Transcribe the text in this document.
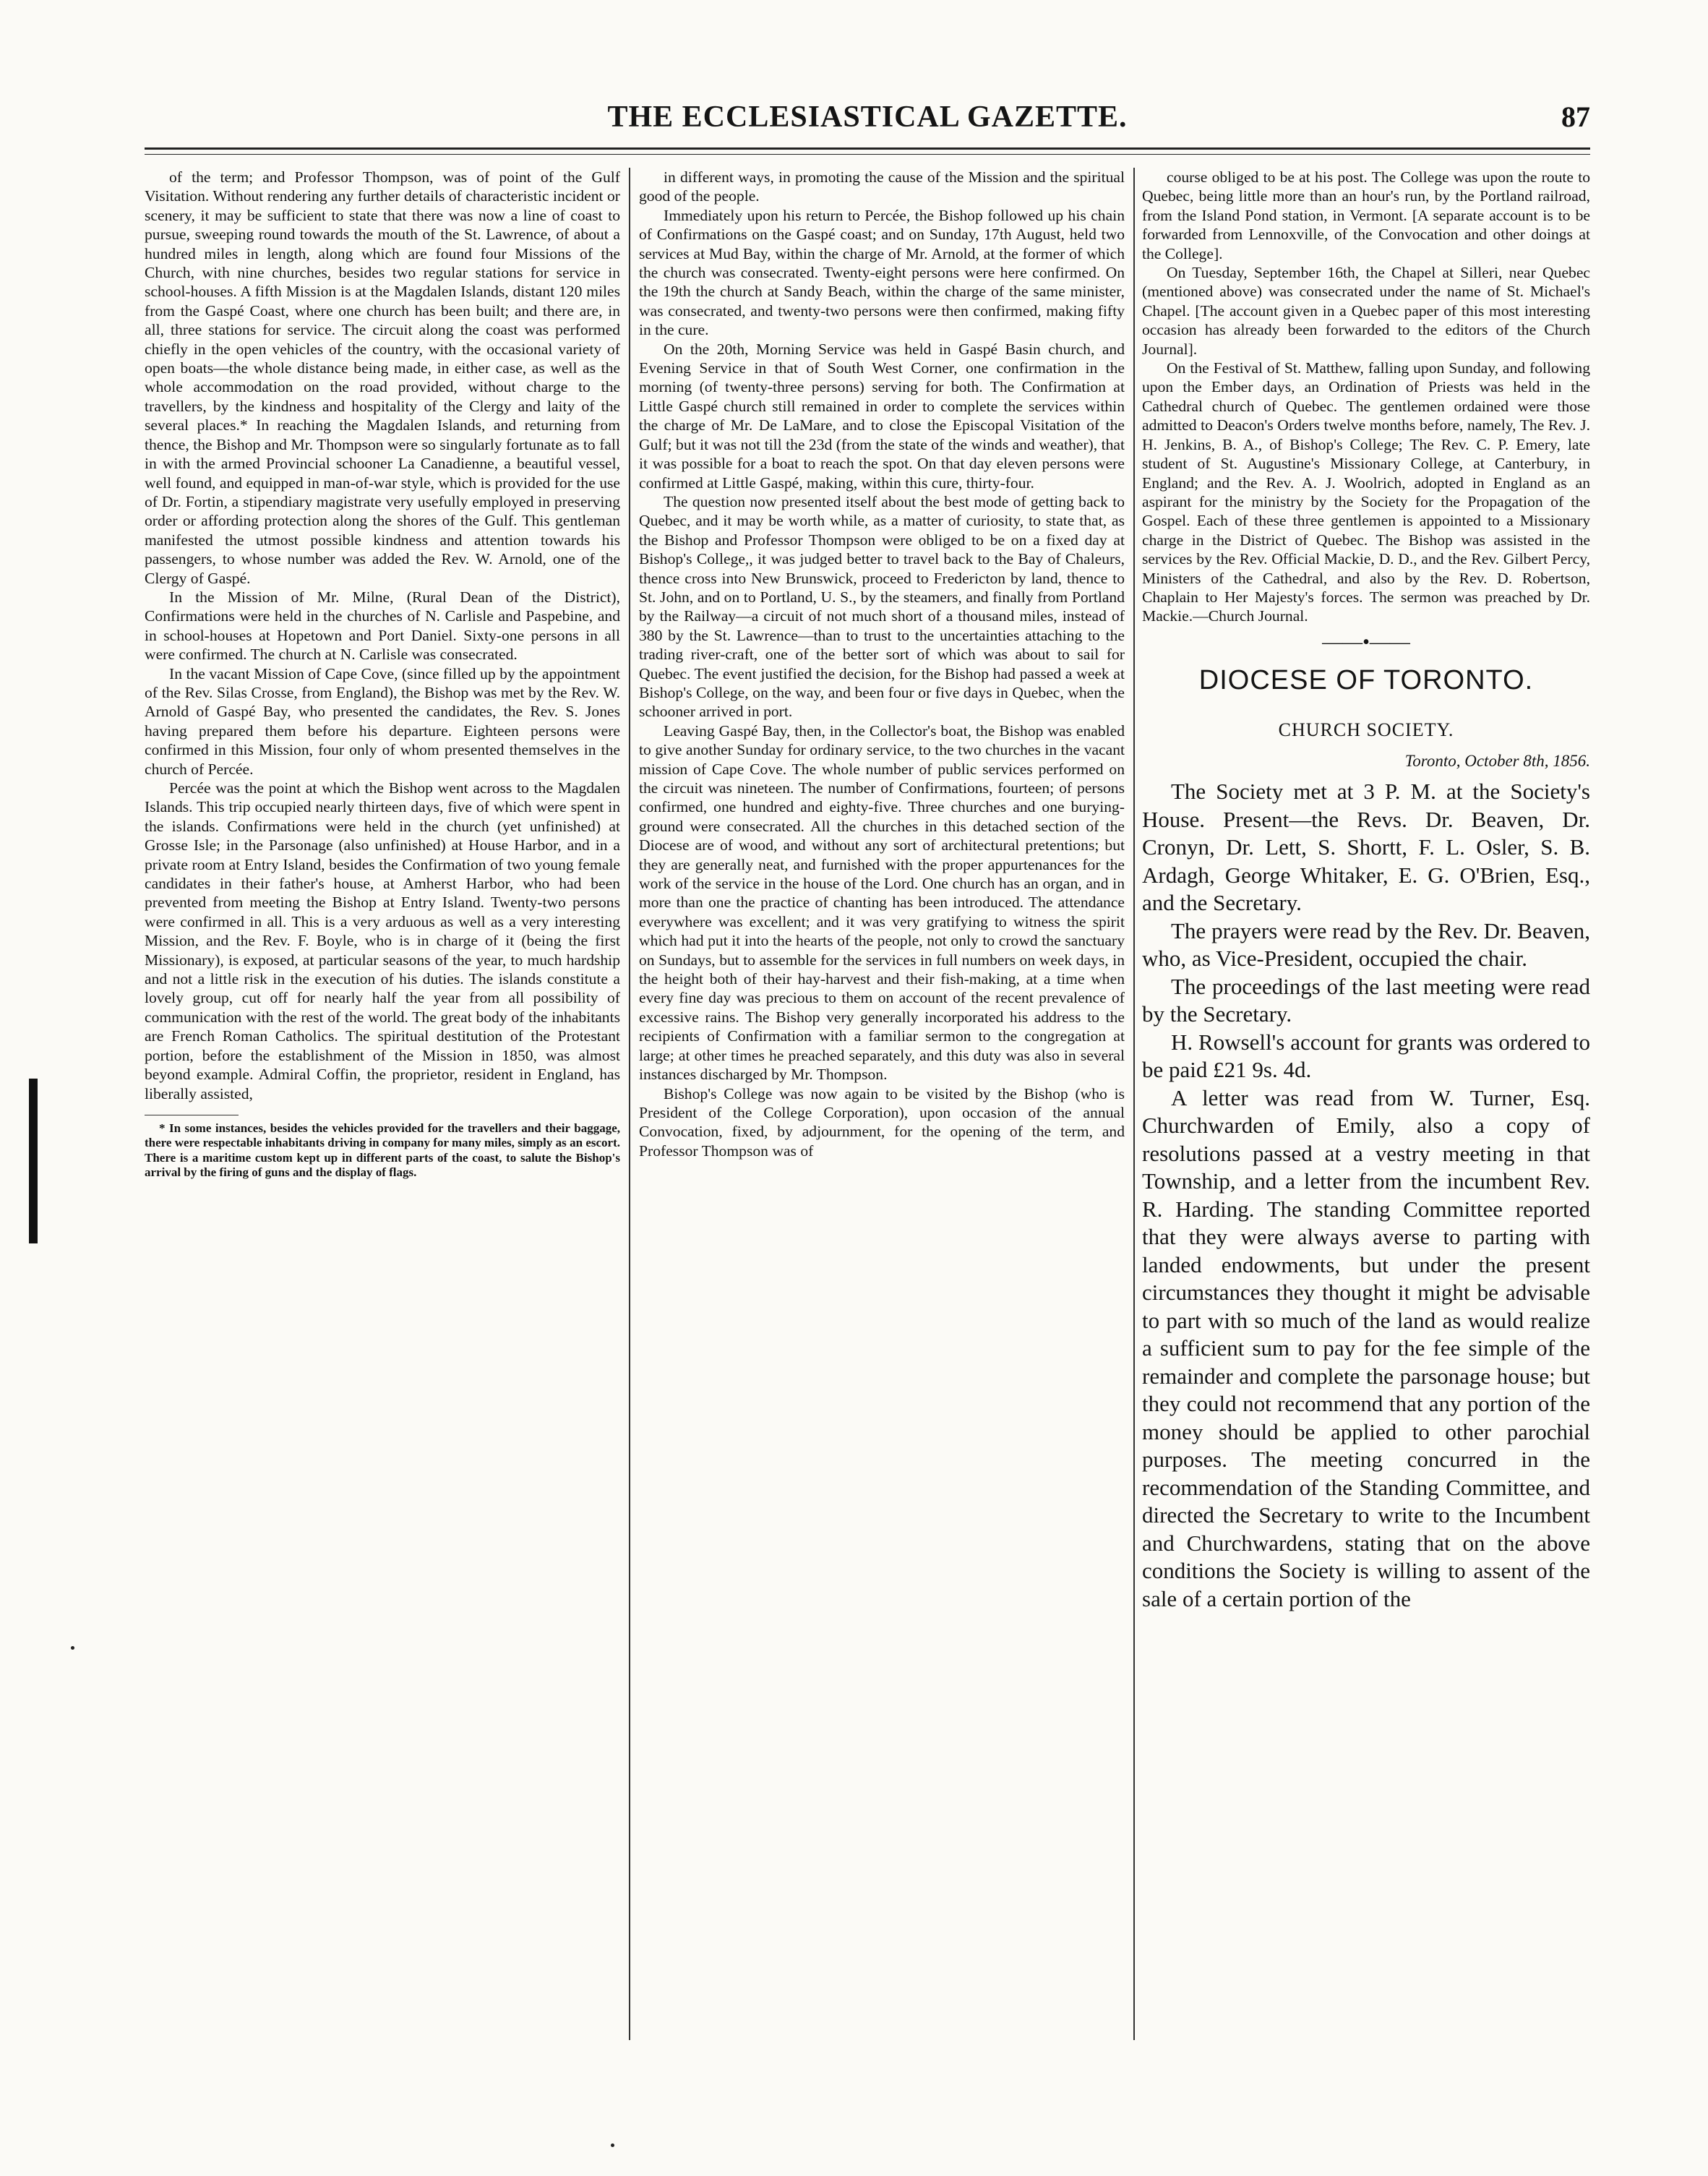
THE ECCLESIASTICAL GAZETTE.	87

of the term; and Professor Thompson, was of point of the Gulf Visitation. Without rendering any further details of characteristic incident or scenery, it may be sufficient to state that there was now a line of coast to pursue, sweeping round towards the mouth of the St. Lawrence, of about a hundred miles in length, along which are found four Missions of the Church, with nine churches, besides two regular stations for service in school-houses. A fifth Mission is at the Magdalen Islands, distant 120 miles from the Gaspé Coast, where one church has been built; and there are, in all, three stations for service. The circuit along the coast was performed chiefly in the open vehicles of the country, with the occasional variety of open boats—the whole distance being made, in either case, as well as the whole accommodation on the road provided, without charge to the travellers, by the kindness and hospitality of the Clergy and laity of the several places.* In reaching the Magdalen Islands, and returning from thence, the Bishop and Mr. Thompson were so singularly fortunate as to fall in with the armed Provincial schooner La Canadienne, a beautiful vessel, well found, and equipped in man-of-war style, which is provided for the use of Dr. Fortin, a stipendiary magistrate very usefully employed in preserving order or affording protection along the shores of the Gulf. This gentleman manifested the utmost possible kindness and attention towards his passengers, to whose number was added the Rev. W. Arnold, one of the Clergy of Gaspé.

In the Mission of Mr. Milne, (Rural Dean of the District), Confirmations were held in the churches of N. Carlisle and Paspebine, and in school-houses at Hopetown and Port Daniel. Sixty-one persons in all were confirmed. The church at N. Carlisle was consecrated.

In the vacant Mission of Cape Cove, (since filled up by the appointment of the Rev. Silas Crosse, from England), the Bishop was met by the Rev. W. Arnold of Gaspé Bay, who presented the candidates, the Rev. S. Jones having prepared them before his departure. Eighteen persons were confirmed in this Mission, four only of whom presented themselves in the church of Percée.

Percée was the point at which the Bishop went across to the Magdalen Islands. This trip occupied nearly thirteen days, five of which were spent in the islands. Confirmations were held in the church (yet unfinished) at Grosse Isle; in the Parsonage (also unfinished) at House Harbor, and in a private room at Entry Island, besides the Confirmation of two young female candidates in their father's house, at Amherst Harbor, who had been prevented from meeting the Bishop at Entry Island. Twenty-two persons were confirmed in all. This is a very arduous as well as a very interesting Mission, and the Rev. F. Boyle, who is in charge of it (being the first Missionary), is exposed, at particular seasons of the year, to much hardship and not a little risk in the execution of his duties. The islands constitute a lovely group, cut off for nearly half the year from all possibility of communication with the rest of the world. The great body of the inhabitants are French Roman Catholics. The spiritual destitution of the Protestant portion, before the establishment of the Mission in 1850, was almost beyond example. Admiral Coffin, the proprietor, resident in England, has liberally assisted,

* In some instances, besides the vehicles provided for the travellers and their baggage, there were respectable inhabitants driving in company for many miles, simply as an escort. There is a maritime custom kept up in different parts of the coast, to salute the Bishop's arrival by the firing of guns and the display of flags.

in different ways, in promoting the cause of the Mission and the spiritual good of the people.

Immediately upon his return to Percée, the Bishop followed up his chain of Confirmations on the Gaspé coast; and on Sunday, 17th August, held two services at Mud Bay, within the charge of Mr. Arnold, at the former of which the church was consecrated. Twenty-eight persons were here confirmed. On the 19th the church at Sandy Beach, within the charge of the same minister, was consecrated, and twenty-two persons were then confirmed, making fifty in the cure.

On the 20th, Morning Service was held in Gaspé Basin church, and Evening Service in that of South West Corner, one confirmation in the morning (of twenty-three persons) serving for both. The Confirmation at Little Gaspé church still remained in order to complete the services within the charge of Mr. De LaMare, and to close the Episcopal Visitation of the Gulf; but it was not till the 23d (from the state of the winds and weather), that it was possible for a boat to reach the spot. On that day eleven persons were confirmed at Little Gaspé, making, within this cure, thirty-four.

The question now presented itself about the best mode of getting back to Quebec, and it may be worth while, as a matter of curiosity, to state that, as the Bishop and Professor Thompson were obliged to be on a fixed day at Bishop's College,, it was judged better to travel back to the Bay of Chaleurs, thence cross into New Brunswick, proceed to Fredericton by land, thence to St. John, and on to Portland, U. S., by the steamers, and finally from Portland by the Railway—a circuit of not much short of a thousand miles, instead of 380 by the St. Lawrence—than to trust to the uncertainties attaching to the trading river-craft, one of the better sort of which was about to sail for Quebec. The event justified the decision, for the Bishop had passed a week at Bishop's College, on the way, and been four or five days in Quebec, when the schooner arrived in port.

Leaving Gaspé Bay, then, in the Collector's boat, the Bishop was enabled to give another Sunday for ordinary service, to the two churches in the vacant mission of Cape Cove. The whole number of public services performed on the circuit was nineteen. The number of Confirmations, fourteen; of persons confirmed, one hundred and eighty-five. Three churches and one burying-ground were consecrated. All the churches in this detached section of the Diocese are of wood, and without any sort of architectural pretentions; but they are generally neat, and furnished with the proper appurtenances for the work of the service in the house of the Lord. One church has an organ, and in more than one the practice of chanting has been introduced. The attendance everywhere was excellent; and it was very gratifying to witness the spirit which had put it into the hearts of the people, not only to crowd the sanctuary on Sundays, but to assemble for the services in full numbers on week days, in the height both of their hay-harvest and their fish-making, at a time when every fine day was precious to them on account of the recent prevalence of excessive rains. The Bishop very generally incorporated his address to the recipients of Confirmation with a familiar sermon to the congregation at large; at other times he preached separately, and this duty was also in several instances discharged by Mr. Thompson.

Bishop's College was now again to be visited by the Bishop (who is President of the College Corporation), upon occasion of the annual Convocation, fixed, by adjournment, for the opening of the term, and Professor Thompson was of

course obliged to be at his post. The College was upon the route to Quebec, being little more than an hour's run, by the Portland railroad, from the Island Pond station, in Vermont. [A separate account is to be forwarded from Lennoxville, of the Convocation and other doings at the College].

On Tuesday, September 16th, the Chapel at Silleri, near Quebec (mentioned above) was consecrated under the name of St. Michael's Chapel. [The account given in a Quebec paper of this most interesting occasion has already been forwarded to the editors of the Church Journal].

On the Festival of St. Matthew, falling upon Sunday, and following upon the Ember days, an Ordination of Priests was held in the Cathedral church of Quebec. The gentlemen ordained were those admitted to Deacon's Orders twelve months before, namely, The Rev. J. H. Jenkins, B. A., of Bishop's College; The Rev. C. P. Emery, late student of St. Augustine's Missionary College, at Canterbury, in England; and the Rev. A. J. Woolrich, adopted in England as an aspirant for the ministry by the Society for the Propagation of the Gospel. Each of these three gentlemen is appointed to a Missionary charge in the District of Quebec. The Bishop was assisted in the services by the Rev. Official Mackie, D. D., and the Rev. Gilbert Percy, Ministers of the Cathedral, and also by the Rev. D. Robertson, Chaplain to Her Majesty's forces. The sermon was preached by Dr. Mackie.—Church Journal.

——•——

DIOCESE OF TORONTO.

CHURCH SOCIETY.

Toronto, October 8th, 1856.

The Society met at 3 P. M. at the Society's House. Present—the Revs. Dr. Beaven, Dr. Cronyn, Dr. Lett, S. Shortt, F. L. Osler, S. B. Ardagh, George Whitaker, E. G. O'Brien, Esq., and the Secretary.

The prayers were read by the Rev. Dr. Beaven, who, as Vice-President, occupied the chair.

The proceedings of the last meeting were read by the Secretary.

H. Rowsell's account for grants was ordered to be paid £21 9s. 4d.

A letter was read from W. Turner, Esq. Churchwarden of Emily, also a copy of resolutions passed at a vestry meeting in that Township, and a letter from the incumbent Rev. R. Harding. The standing Committee reported that they were always averse to parting with landed endowments, but under the present circumstances they thought it might be advisable to part with so much of the land as would realize a sufficient sum to pay for the fee simple of the remainder and complete the parsonage house; but they could not recommend that any portion of the money should be applied to other parochial purposes. The meeting concurred in the recommendation of the Standing Committee, and directed the Secretary to write to the Incumbent and Churchwardens, stating that on the above conditions the Society is willing to assent of the sale of a certain portion of the
